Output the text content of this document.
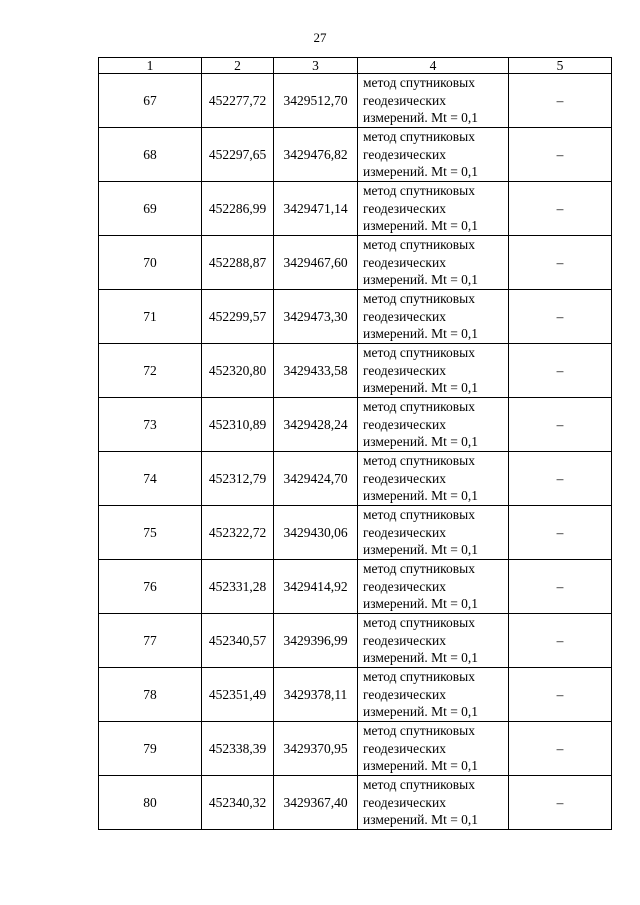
27
1	2	3	4	5
67	452277,72	3429512,70	метод спутниковых
геодезических
измерений. Mt = 0,1	–
68	452297,65	3429476,82	метод спутниковых
геодезических
измерений. Mt = 0,1	–
69	452286,99	3429471,14	метод спутниковых
геодезических
измерений. Mt = 0,1	–
70	452288,87	3429467,60	метод спутниковых
геодезических
измерений. Mt = 0,1	–
71	452299,57	3429473,30	метод спутниковых
геодезических
измерений. Mt = 0,1	–
72	452320,80	3429433,58	метод спутниковых
геодезических
измерений. Mt = 0,1	–
73	452310,89	3429428,24	метод спутниковых
геодезических
измерений. Mt = 0,1	–
74	452312,79	3429424,70	метод спутниковых
геодезических
измерений. Mt = 0,1	–
75	452322,72	3429430,06	метод спутниковых
геодезических
измерений. Mt = 0,1	–
76	452331,28	3429414,92	метод спутниковых
геодезических
измерений. Mt = 0,1	–
77	452340,57	3429396,99	метод спутниковых
геодезических
измерений. Mt = 0,1	–
78	452351,49	3429378,11	метод спутниковых
геодезических
измерений. Mt = 0,1	–
79	452338,39	3429370,95	метод спутниковых
геодезических
измерений. Mt = 0,1	–
80	452340,32	3429367,40	метод спутниковых
геодезических
измерений. Mt = 0,1	–
